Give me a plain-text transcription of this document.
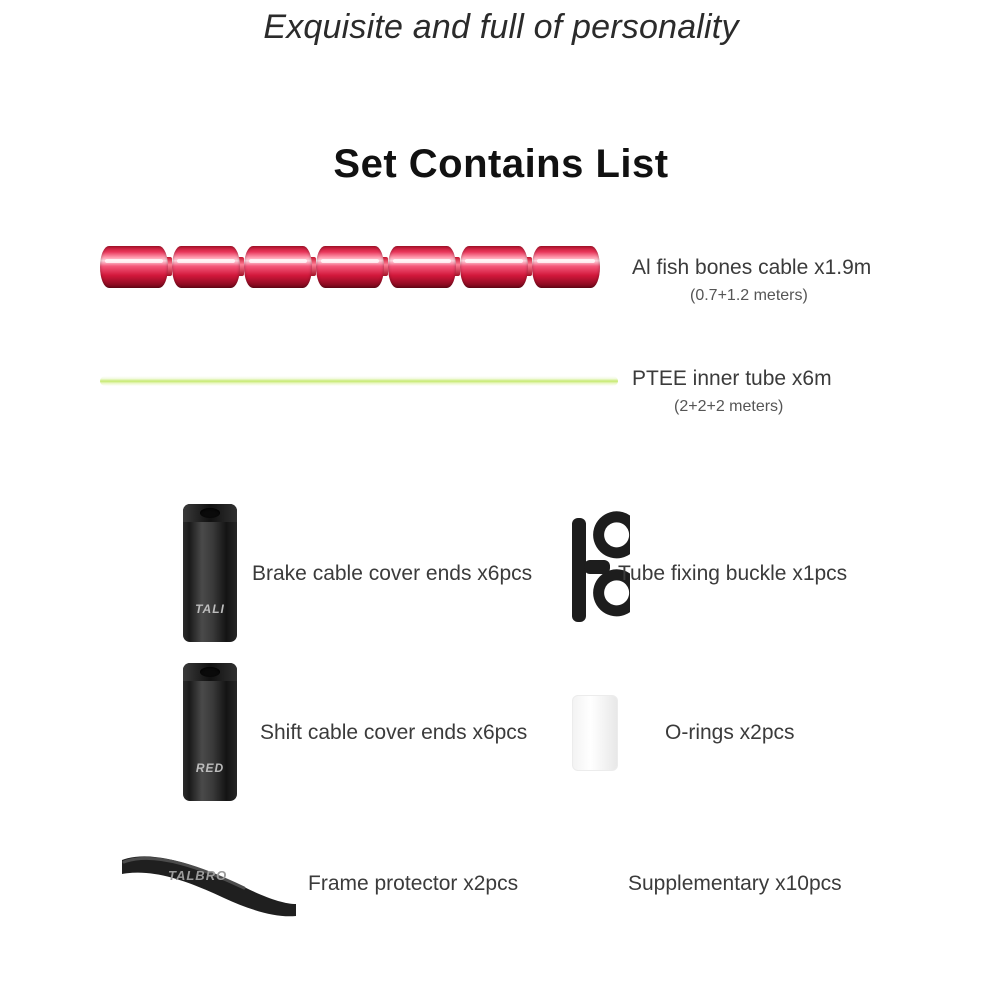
Exquisite and full of personality
Set Contains List
Al fish bones cable x1.9m
(0.7+1.2 meters)
PTEE inner tube x6m
(2+2+2 meters)
TALI
Brake cable cover ends x6pcs	Tube fixing buckle x1pcs
RED
Shift cable cover ends x6pcs	O-rings x2pcs
TALBRO	Frame protector x2pcs	Supplementary x10pcs
